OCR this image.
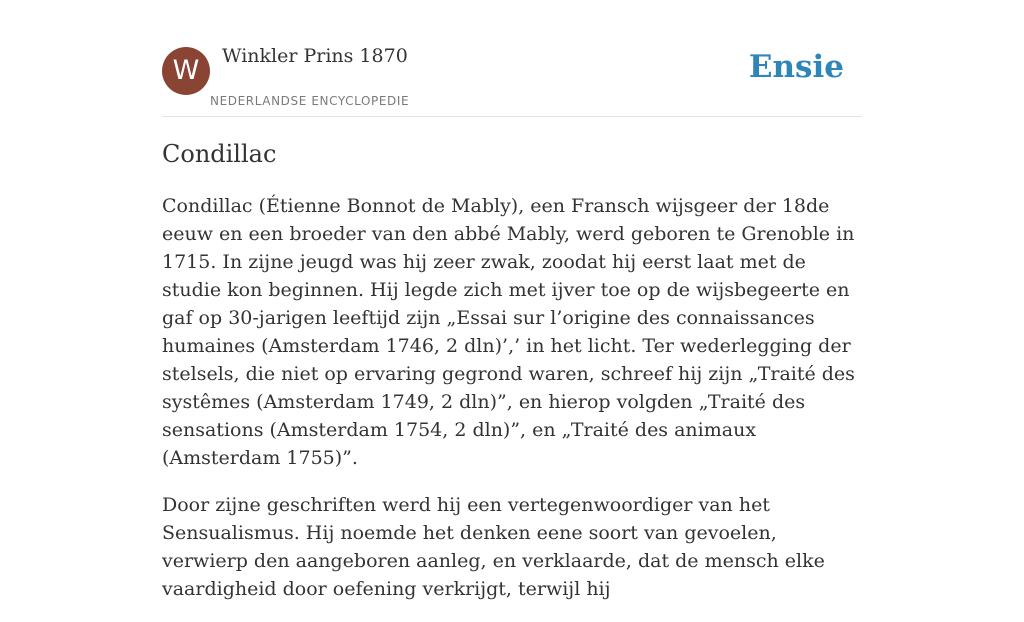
W	Winkler Prins 1870
NEDERLANDSE ENCYCLOPEDIE
Ensie
Condillac

Condillac (Étienne Bonnot de Mably), een Fransch wijsgeer der 18de eeuw en een broeder van den abbé Mably, werd geboren te Grenoble in 1715. In zijne jeugd was hij zeer zwak, zoodat hij eerst laat met de studie kon beginnen. Hij legde zich met ijver toe op de wijsbegeerte en gaf op 30-jarigen leeftijd zijn „Essai sur l’origine des connaissances humaines (Amsterdam 1746, 2 dln)’,’ in het licht. Ter wederlegging der stelsels, die niet op ervaring gegrond waren, schreef hij zijn „Traité des systêmes (Amsterdam 1749, 2 dln)”, en hierop volgden „Traité des sensations (Amsterdam 1754, 2 dln)”, en „Traité des animaux (Amsterdam 1755)”.

Door zijne geschriften werd hij een vertegenwoordiger van het Sensualismus. Hij noemde het denken eene soort van gevoelen, verwierp den aangeboren aanleg, en verklaarde, dat de mensch elke vaardigheid door oefening verkrijgt, terwijl hij
